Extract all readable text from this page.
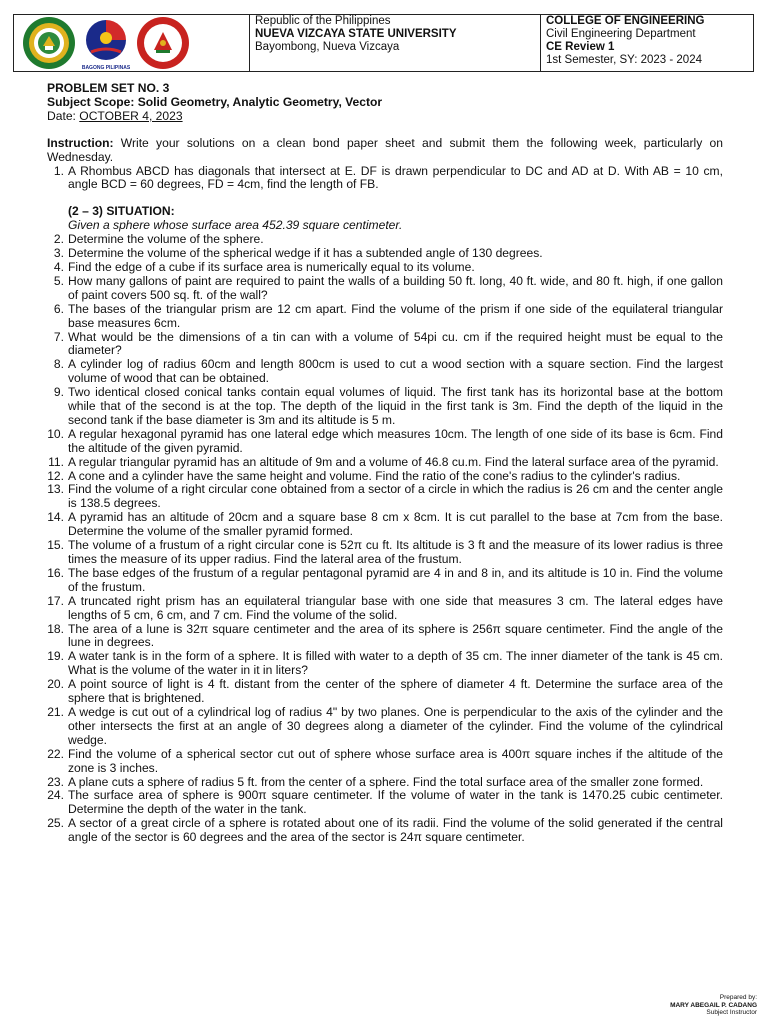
BAGONG PILIPINAS
Republic of the Philippines
NUEVA VIZCAYA STATE UNIVERSITY
Bayombong, Nueva Vizcaya
COLLEGE OF ENGINEERING
Civil Engineering Department
CE Review 1
1st Semester, SY: 2023 - 2024
PROBLEM SET NO. 3
Subject Scope: Solid Geometry, Analytic Geometry, Vector
Date: OCTOBER 4, 2023
Instruction: Write your solutions on a clean bond paper sheet and submit them the following week, particularly on Wednesday.
1. A Rhombus ABCD has diagonals that intersect at E. DF is drawn perpendicular to DC and AD at D. With AB = 10 cm, angle BCD = 60 degrees, FD = 4cm, find the length of FB.
(2 – 3) SITUATION:
Given a sphere whose surface area 452.39 square centimeter.
2. Determine the volume of the sphere.
3. Determine the volume of the spherical wedge if it has a subtended angle of 130 degrees.
4. Find the edge of a cube if its surface area is numerically equal to its volume.
5. How many gallons of paint are required to paint the walls of a building 50 ft. long, 40 ft. wide, and 80 ft. high, if one gallon of paint covers 500 sq. ft. of the wall?
6. The bases of the triangular prism are 12 cm apart. Find the volume of the prism if one side of the equilateral triangular base measures 6cm.
7. What would be the dimensions of a tin can with a volume of 54pi cu. cm if the required height must be equal to the diameter?
8. A cylinder log of radius 60cm and length 800cm is used to cut a wood section with a square section. Find the largest volume of wood that can be obtained.
9. Two identical closed conical tanks contain equal volumes of liquid. The first tank has its horizontal base at the bottom while that of the second is at the top. The depth of the liquid in the first tank is 3m. Find the depth of the liquid in the second tank if the base diameter is 3m and its altitude is 5 m.
10. A regular hexagonal pyramid has one lateral edge which measures 10cm. The length of one side of its base is 6cm. Find the altitude of the given pyramid.
11. A regular triangular pyramid has an altitude of 9m and a volume of 46.8 cu.m. Find the lateral surface area of the pyramid.
12. A cone and a cylinder have the same height and volume. Find the ratio of the cone's radius to the cylinder's radius.
13. Find the volume of a right circular cone obtained from a sector of a circle in which the radius is 26 cm and the center angle is 138.5 degrees.
14. A pyramid has an altitude of 20cm and a square base 8 cm x 8cm. It is cut parallel to the base at 7cm from the base. Determine the volume of the smaller pyramid formed.
15. The volume of a frustum of a right circular cone is 52π cu ft. Its altitude is 3 ft and the measure of its lower radius is three times the measure of its upper radius. Find the lateral area of the frustum.
16. The base edges of the frustum of a regular pentagonal pyramid are 4 in and 8 in, and its altitude is 10 in. Find the volume of the frustum.
17. A truncated right prism has an equilateral triangular base with one side that measures 3 cm. The lateral edges have lengths of 5 cm, 6 cm, and 7 cm. Find the volume of the solid.
18. The area of a lune is 32π square centimeter and the area of its sphere is 256π square centimeter. Find the angle of the lune in degrees.
19. A water tank is in the form of a sphere. It is filled with water to a depth of 35 cm. The inner diameter of the tank is 45 cm. What is the volume of the water in it in liters?
20. A point source of light is 4 ft. distant from the center of the sphere of diameter 4 ft. Determine the surface area of the sphere that is brightened.
21. A wedge is cut out of a cylindrical log of radius 4" by two planes. One is perpendicular to the axis of the cylinder and the other intersects the first at an angle of 30 degrees along a diameter of the cylinder. Find the volume of the cylindrical wedge.
22. Find the volume of a spherical sector cut out of sphere whose surface area is 400π square inches if the altitude of the zone is 3 inches.
23. A plane cuts a sphere of radius 5 ft. from the center of a sphere. Find the total surface area of the smaller zone formed.
24. The surface area of sphere is 900π square centimeter. If the volume of water in the tank is 1470.25 cubic centimeter. Determine the depth of the water in the tank.
25. A sector of a great circle of a sphere is rotated about one of its radii. Find the volume of the solid generated if the central angle of the sector is 60 degrees and the area of the sector is 24π square centimeter.
Prepared by:
MARY ABEGAIL P. CADANG
Subject Instructor
